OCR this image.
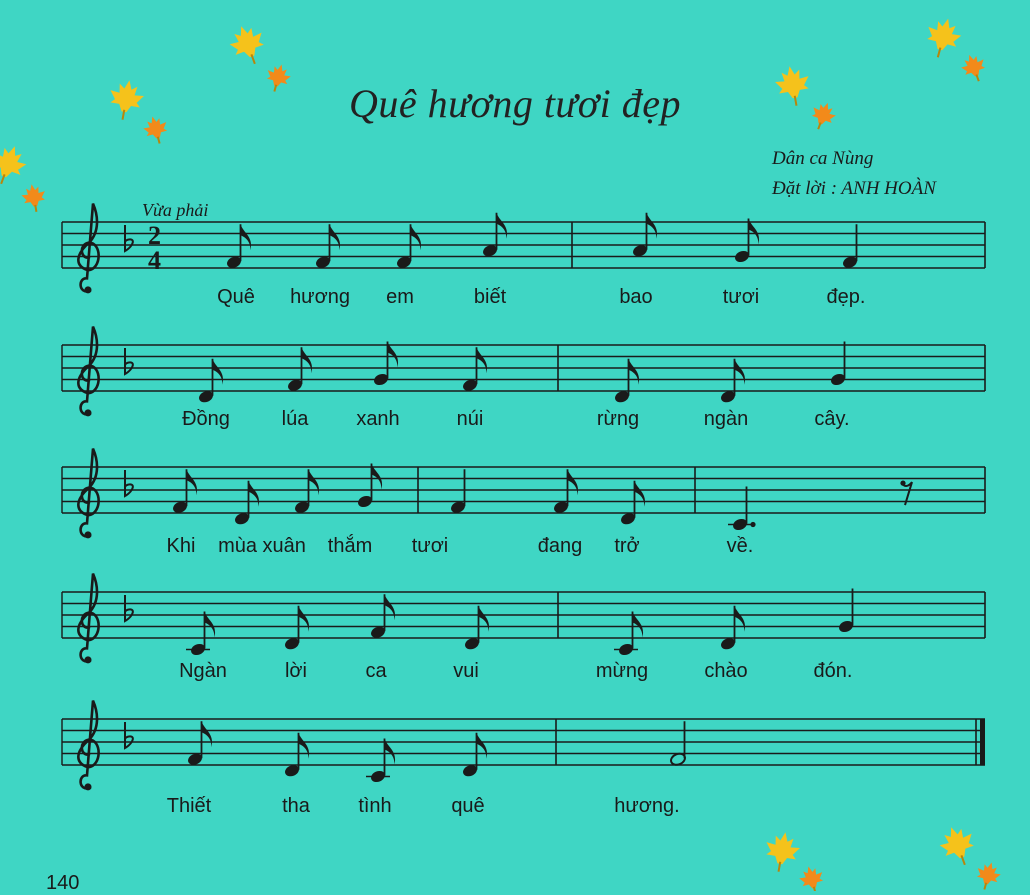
Quê hương tươi đẹp
Dân ca Nùng
Đặt lời : ANH HOÀN
Vừa phải
2
4
Quê hương em	biết	bao	tươi	đẹp.
Đồng	lúa xanh	núi	rừng	ngàn	cây.
Khi mùa xuân thắm tươi	đang trở	về.
Ngàn	lời	ca	vui	mừng	chào	đón.
Thiết	tha tình	quê	hương.
140
